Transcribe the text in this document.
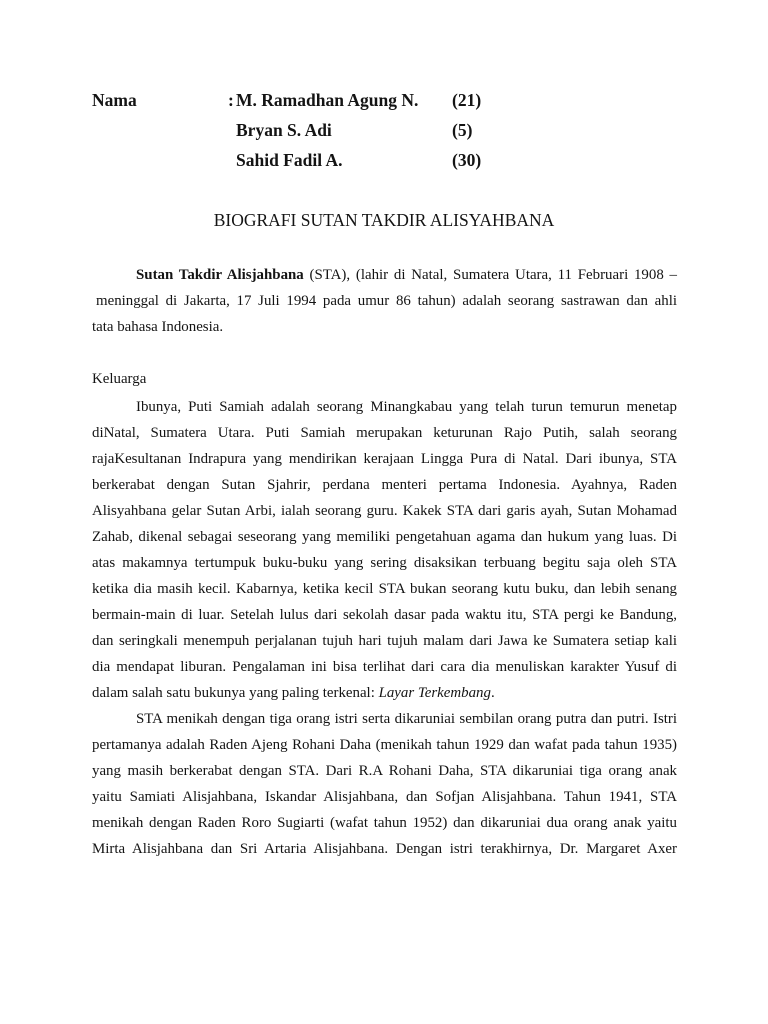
Nama	: M. Ramadhan Agung N. (21)
Bryan S. Adi	(5)
Sahid Fadil A.	(30)
BIOGRAFI SUTAN TAKDIR ALISYAHBANA
Sutan Takdir Alisjahbana (STA), (lahir di Natal, Sumatera Utara, 11 Februari 1908 –
meninggal di Jakarta, 17 Juli 1994 pada umur 86 tahun) adalah seorang sastrawan dan ahli
tata bahasa Indonesia.
Keluarga
Ibunya, Puti Samiah adalah seorang Minangkabau yang telah turun temurun menetap
diNatal, Sumatera Utara. Puti Samiah merupakan keturunan Rajo Putih, salah seorang
rajaKesultanan Indrapura yang mendirikan kerajaan Lingga Pura di Natal. Dari ibunya, STA
berkerabat dengan Sutan Sjahrir, perdana menteri pertama Indonesia. Ayahnya, Raden
Alisyahbana gelar Sutan Arbi, ialah seorang guru. Kakek STA dari garis ayah, Sutan Mohamad
Zahab, dikenal sebagai seseorang yang memiliki pengetahuan agama dan hukum yang luas. Di
atas makamnya tertumpuk buku-buku yang sering disaksikan terbuang begitu saja oleh STA
ketika dia masih kecil. Kabarnya, ketika kecil STA bukan seorang kutu buku, dan lebih senang
bermain-main di luar. Setelah lulus dari sekolah dasar pada waktu itu, STA pergi ke Bandung,
dan seringkali menempuh perjalanan tujuh hari tujuh malam dari Jawa ke Sumatera setiap kali
dia mendapat liburan. Pengalaman ini bisa terlihat dari cara dia menuliskan karakter Yusuf di
dalam salah satu bukunya yang paling terkenal: Layar Terkembang.
STA menikah dengan tiga orang istri serta dikaruniai sembilan orang putra dan putri. Istri
pertamanya adalah Raden Ajeng Rohani Daha (menikah tahun 1929 dan wafat pada tahun 1935)
yang masih berkerabat dengan STA. Dari R.A Rohani Daha, STA dikaruniai tiga orang anak
yaitu Samiati Alisjahbana, Iskandar Alisjahbana, dan Sofjan Alisjahbana. Tahun 1941, STA
menikah dengan Raden Roro Sugiarti (wafat tahun 1952) dan dikaruniai dua orang anak yaitu
Mirta Alisjahbana dan Sri Artaria Alisjahbana. Dengan istri terakhirnya, Dr. Margaret Axer
